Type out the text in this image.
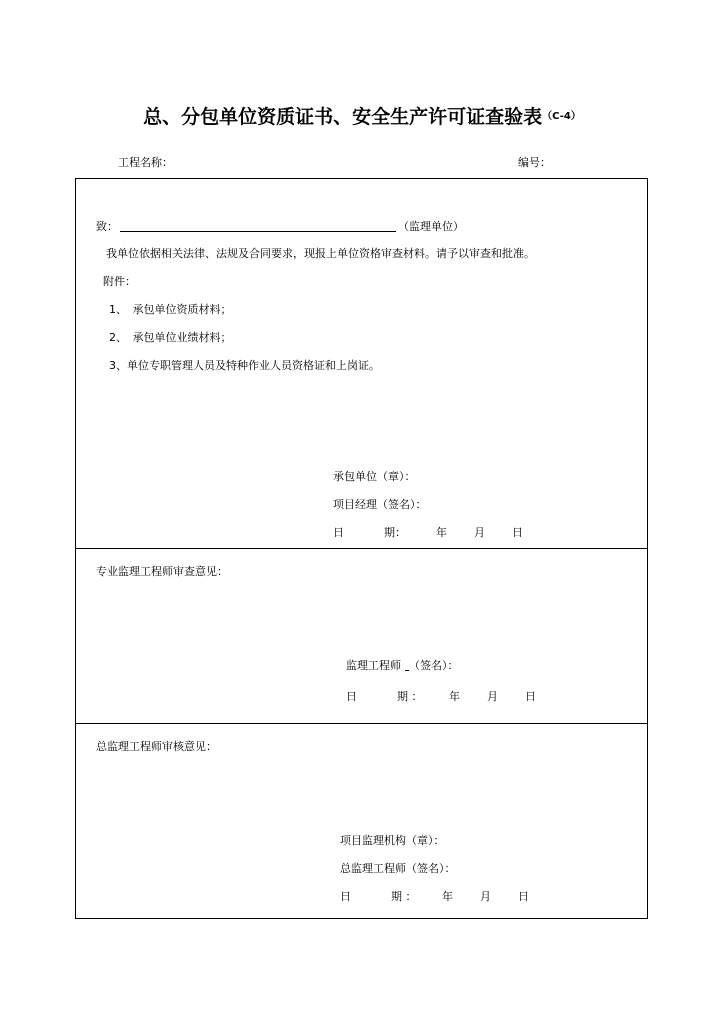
总、分包单位资质证书、安全生产许可证查验表$^{(C-4)}$
工程名称：	编号：
致：	（监理单位）
我单位依据相关法律、法规及合同要求，现报上单位资格审查材料。请予以审查和批准。
附件：
1、　承包单位资质材料；
2、　承包单位业绩材料；
3、单位专职管理人员及特种作业人员资格证和上岗证。
承包单位（章）：
项目经理（签名）：
日	期：	年 月 日
专业监理工程师审查意见：
监理工程师 （签名）：
日	期 ： 年 月 日
总监理工程师审核意见：
项目监理机构（章）：
总监理工程师（签名）：
日	期 ： 年 月 日
